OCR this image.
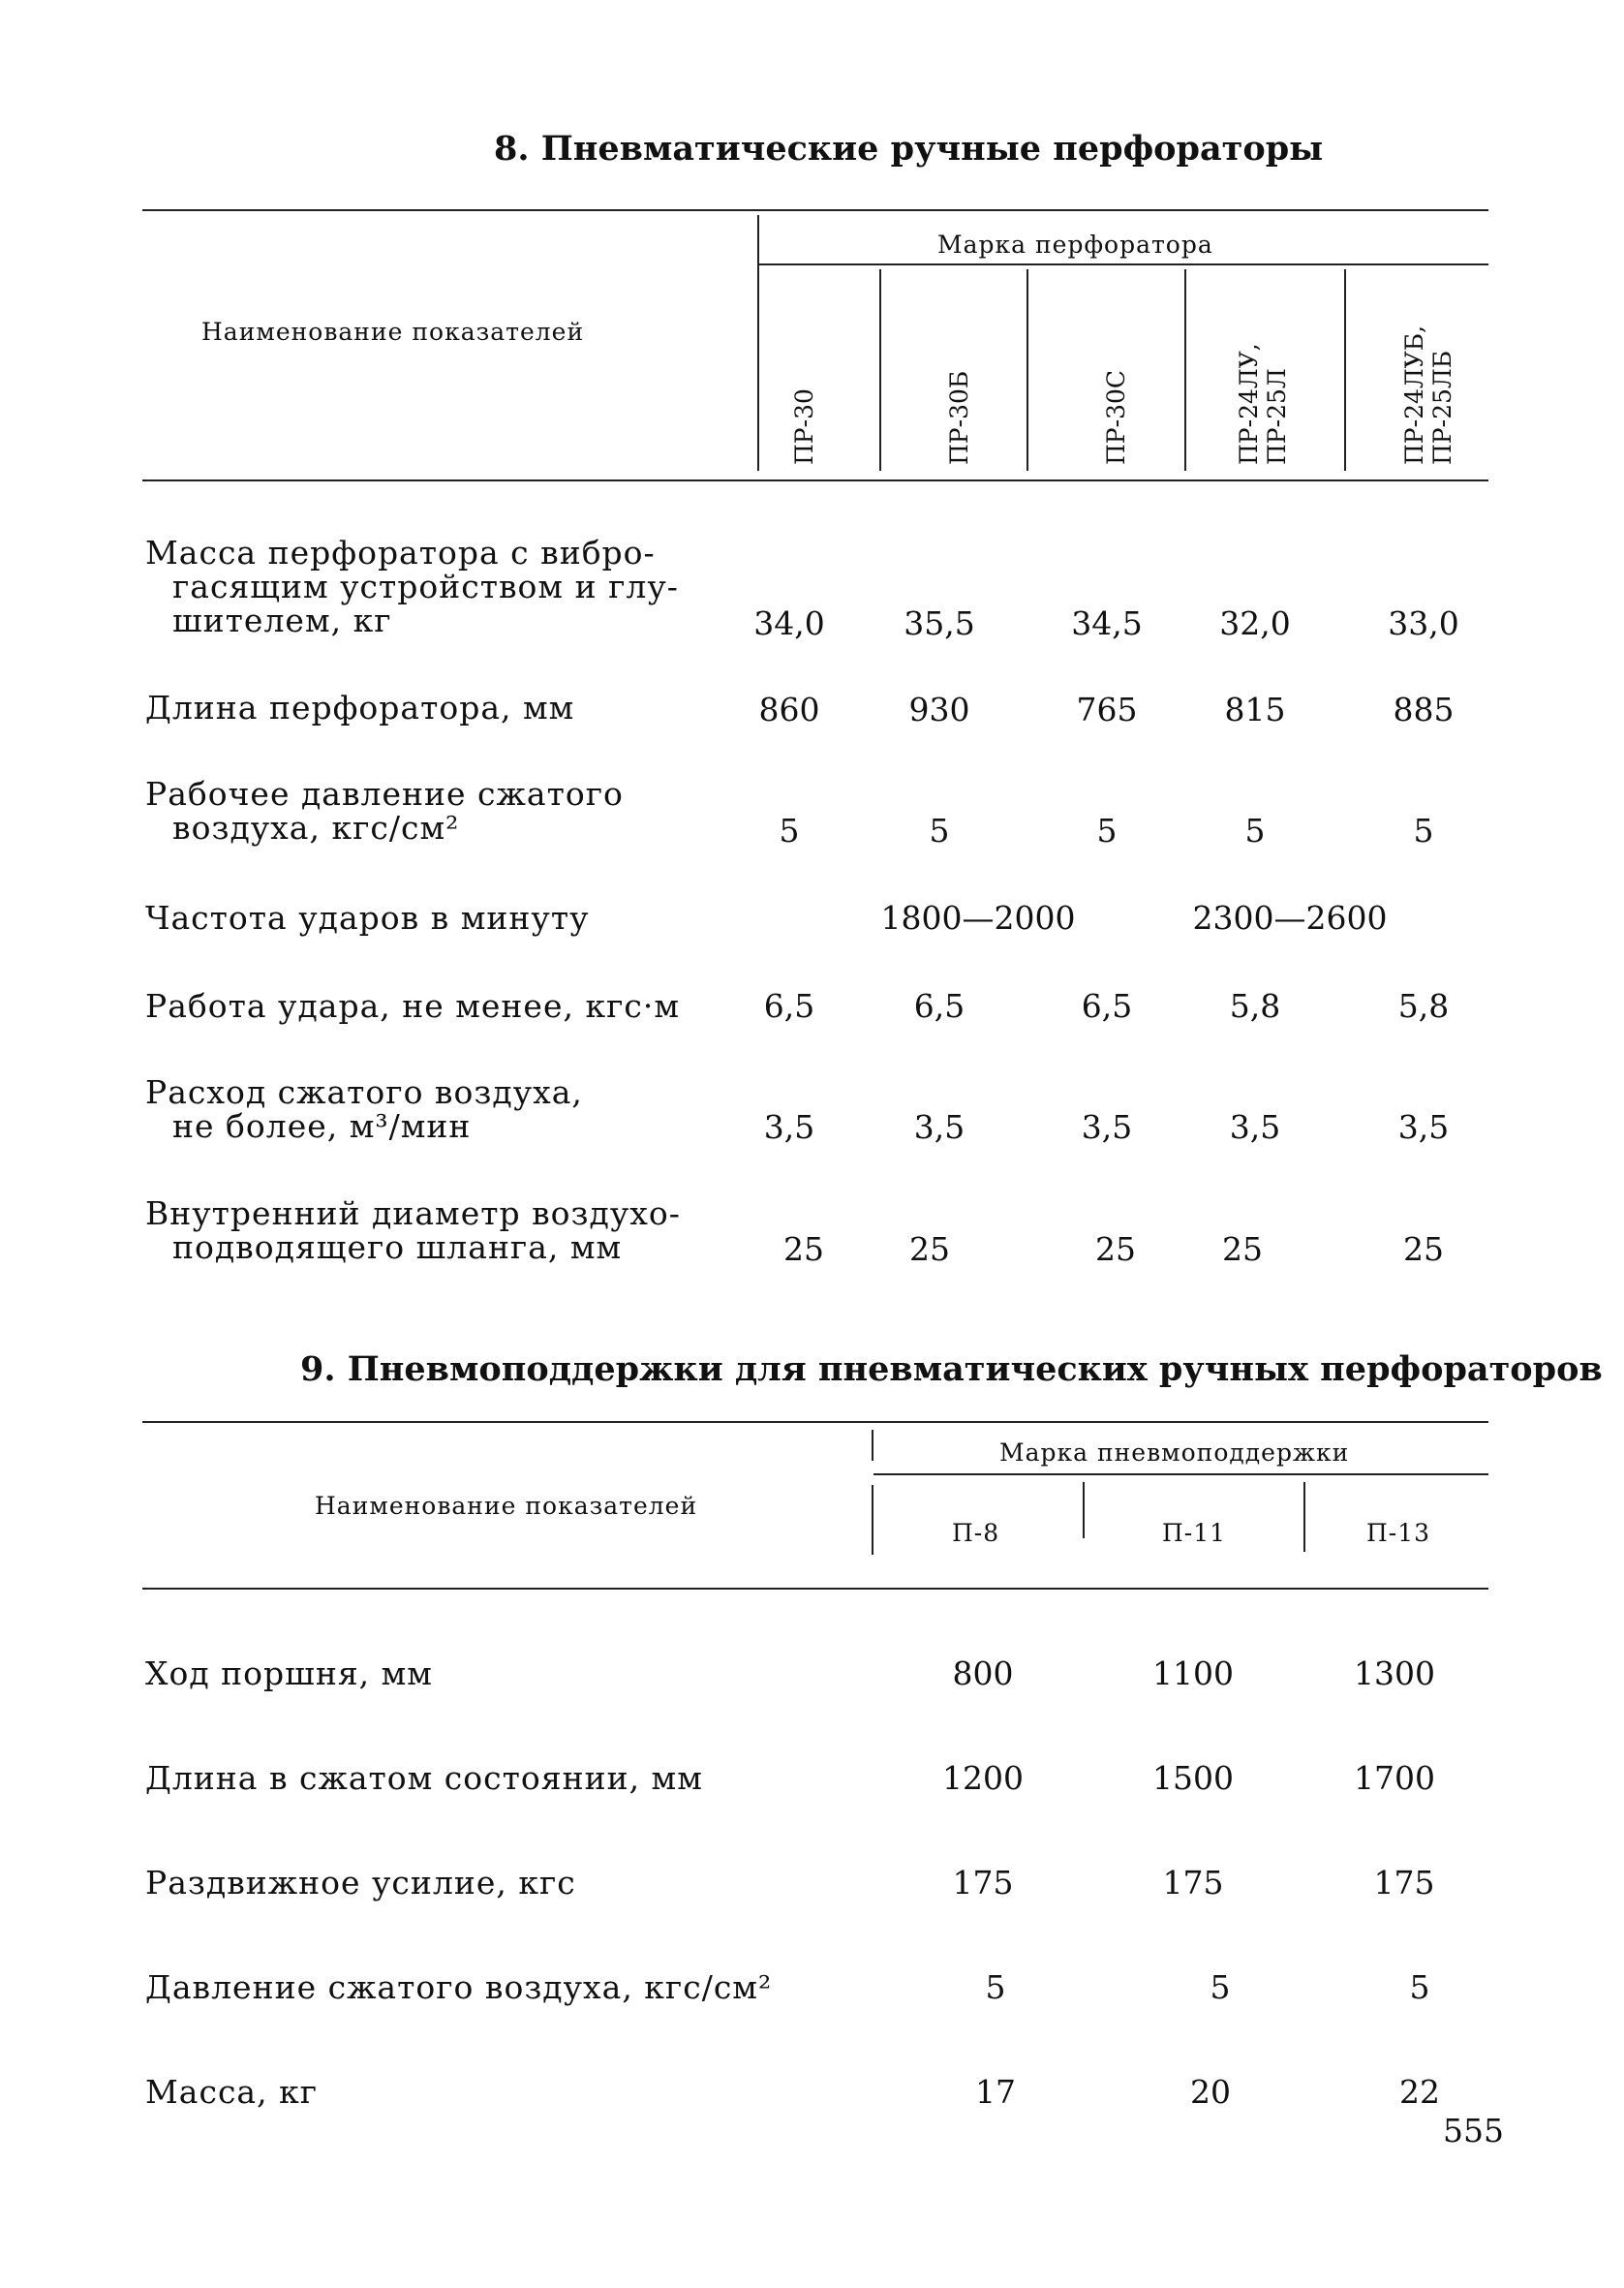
8. Пневматические ручные перфораторы
Наименование показателей
Марка перфоратора
ПР-30	ПР-30Б	ПР-30С	ПР-24ЛУ, ПР-25Л	ПР-24ЛУБ, ПР-25ЛБ
Масса перфоратора с вибро-
гасящим устройством и глу-
шителем, кг	34,0	35,5	34,5	32,0	33,0
Длина перфоратора, мм	860	930	765	815	885
Рабочее давление сжатого
воздуха, кгс/см²	5	5	5	5	5
Частота ударов в минуту	1800—2000	2300—2600
Работа удара, не менее, кгс·м	6,5	6,5	6,5	5,8	5,8
Расход сжатого воздуха,
не более, м³/мин	3,5	3,5	3,5	3,5	3,5
Внутренний диаметр воздухо-
подводящего шланга, мм	25	25	25	25	25
9. Пневмоподдержки для пневматических ручных перфораторов
Наименование показателей
Марка пневмоподдержки
П-8	П-11	П-13
Ход поршня, мм	800	1100	1300
Длина в сжатом состоянии, мм	1200	1500	1700
Раздвижное усилие, кгс	175	175	175
Давление сжатого воздуха, кгс/см²	5	5	5
Масса, кг	17	20	22
555
